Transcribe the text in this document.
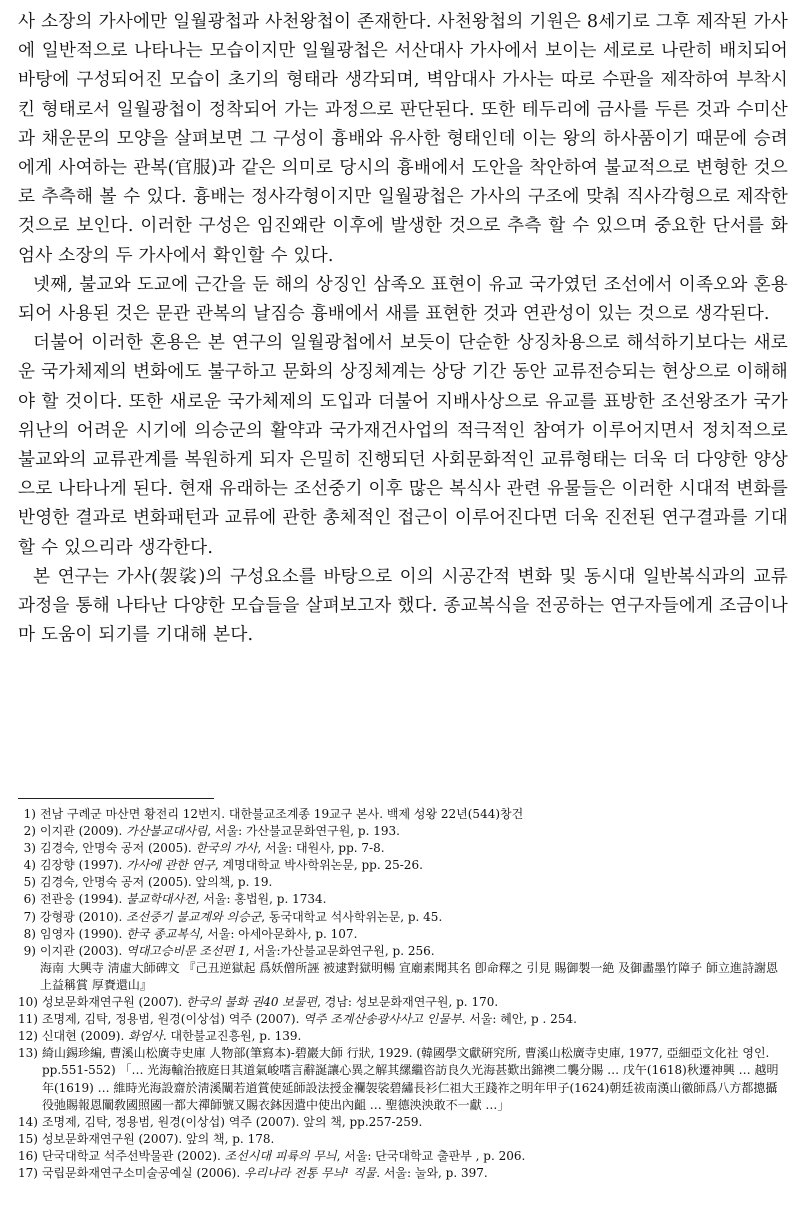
사 소장의 가사에만 일월광첩과 사천왕첩이 존재한다. 사천왕첩의 기원은 8세기로 그후 제작된 가사에 일반적으로 나타나는 모습이지만 일월광첩은 서산대사 가사에서 보이는 세로로 나란히 배치되어 바탕에 구성되어진 모습이 초기의 형태라 생각되며, 벽암대사 가사는 따로 수판을 제작하여 부착시킨 형태로서 일월광첩이 정착되어 가는 과정으로 판단된다. 또한 테두리에 금사를 두른 것과 수미산과 채운문의 모양을 살펴보면 그 구성이 흉배와 유사한 형태인데 이는 왕의 하사품이기 때문에 승려에게 사여하는 관복(官服)과 같은 의미로 당시의 흉배에서 도안을 착안하여 불교적으로 변형한 것으로 추측해 볼 수 있다. 흉배는 정사각형이지만 일월광첩은 가사의 구조에 맞춰 직사각형으로 제작한 것으로 보인다. 이러한 구성은 임진왜란 이후에 발생한 것으로 추측 할 수 있으며 중요한 단서를 화엄사 소장의 두 가사에서 확인할 수 있다.

넷째, 불교와 도교에 근간을 둔 해의 상징인 삼족오 표현이 유교 국가였던 조선에서 이족오와 혼용되어 사용된 것은 문관 관복의 날짐승 흉배에서 새를 표현한 것과 연관성이 있는 것으로 생각된다.

더불어 이러한 혼용은 본 연구의 일월광첩에서 보듯이 단순한 상징차용으로 해석하기보다는 새로운 국가체제의 변화에도 불구하고 문화의 상징체계는 상당 기간 동안 교류전승되는 현상으로 이해해야 할 것이다. 또한 새로운 국가체제의 도입과 더불어 지배사상으로 유교를 표방한 조선왕조가 국가위난의 어려운 시기에 의승군의 활약과 국가재건사업의 적극적인 참여가 이루어지면서 정치적으로 불교와의 교류관계를 복원하게 되자 은밀히 진행되던 사회문화적인 교류형태는 더욱 더 다양한 양상으로 나타나게 된다. 현재 유래하는 조선중기 이후 많은 복식사 관련 유물들은 이러한 시대적 변화를 반영한 결과로 변화패턴과 교류에 관한 총체적인 접근이 이루어진다면 더욱 진전된 연구결과를 기대할 수 있으리라 생각한다.

본 연구는 가사(袈裟)의 구성요소를 바탕으로 이의 시공간적 변화 및 동시대 일반복식과의 교류 과정을 통해 나타난 다양한 모습들을 살펴보고자 했다. 종교복식을 전공하는 연구자들에게 조금이나마 도움이 되기를 기대해 본다.

1) 전남 구례군 마산면 황전리 12번지. 대한불교조계종 19교구 본사. 백제 성왕 22년(544)창건
2) 이지관 (2009). 가산불교대사림, 서울: 가산불교문화연구원, p. 193.
3) 김경숙, 안명숙 공저 (2005). 한국의 가사, 서울: 대원사, pp. 7-8.
4) 김장향 (1997). 가사에 관한 연구, 계명대학교 박사학위논문, pp. 25-26.
5) 김경숙, 안명숙 공저 (2005). 앞의책, p. 19.
6) 전관응 (1994). 불교학대사전, 서울: 홍법원, p. 1734.
7) 강형광 (2010). 조선중기 불교계와 의승군, 동국대학교 석사학위논문, p. 45.
8) 임영자 (1990). 한국 종교복식, 서울: 아세아문화사, p. 107.
9) 이지관 (2003). 역대고승비문 조선편 1, 서울:가산불교문화연구원, p. 256.
海南 大興寺 淸虛大師碑文 『己丑逆獄起 爲妖僧所誣 被逮對獄明暢 宣廟素聞其名 卽命釋之 引見 賜御製一絶 及御畵墨竹障子 師立進詩謝恩 上益稱賞 厚賚還山』
10) 성보문화재연구원 (2007). 한국의 불화 권40 보물편, 경남: 성보문화재연구원, p. 170.
11) 조명제, 김탁, 정용범, 원경(이상섭) 역주 (2007). 역주 조계산송광사사고 인물부. 서울: 혜안, p . 254.
12) 신대현 (2009). 화엄사. 대한불교진흥원, p. 139.
13) 綺山錫珍編, 曹溪山松廣寺史庫 人物部(筆寫本)-碧巖大師 行狀, 1929. (韓國學文獻硏究所, 曹溪山松廣寺史庫, 1977, 亞細亞文化社 영인. pp.551-552) 「… 光海輸治掖庭日其道氣峻嗜言辭誕讓心異之解其縲繼咨訪良久光海甚歎出錦襖二襲分賜 … 戊午(1618)秋遷神興 … 越明年(1619) … 維時光海設齋於淸溪闡若道賞使延師設法授金襴袈裟碧繡長衫仁祖大王踐祚之明年甲子(1624)朝廷祓南漢山徽師爲八方都摠攝役弛賜報恩闡敎國照國一都大禪師號又賜衣鉢因遣中使出內齟 … 聖德泱泱敢不一獻 …」
14) 조명제, 김탁, 정용범, 원경(이상섭) 역주 (2007). 앞의 책, pp.257-259.
15) 성보문화재연구원 (2007). 앞의 책, p. 178.
16) 단국대학교 석주선박물관 (2002). 조선시대 피륙의 무늬, 서울: 단국대학교 출판부 , p. 206.
17) 국립문화재연구소미술공예실 (2006). 우리나라 전통 무늬¹ 직물. 서울: 눌와, p. 397.
